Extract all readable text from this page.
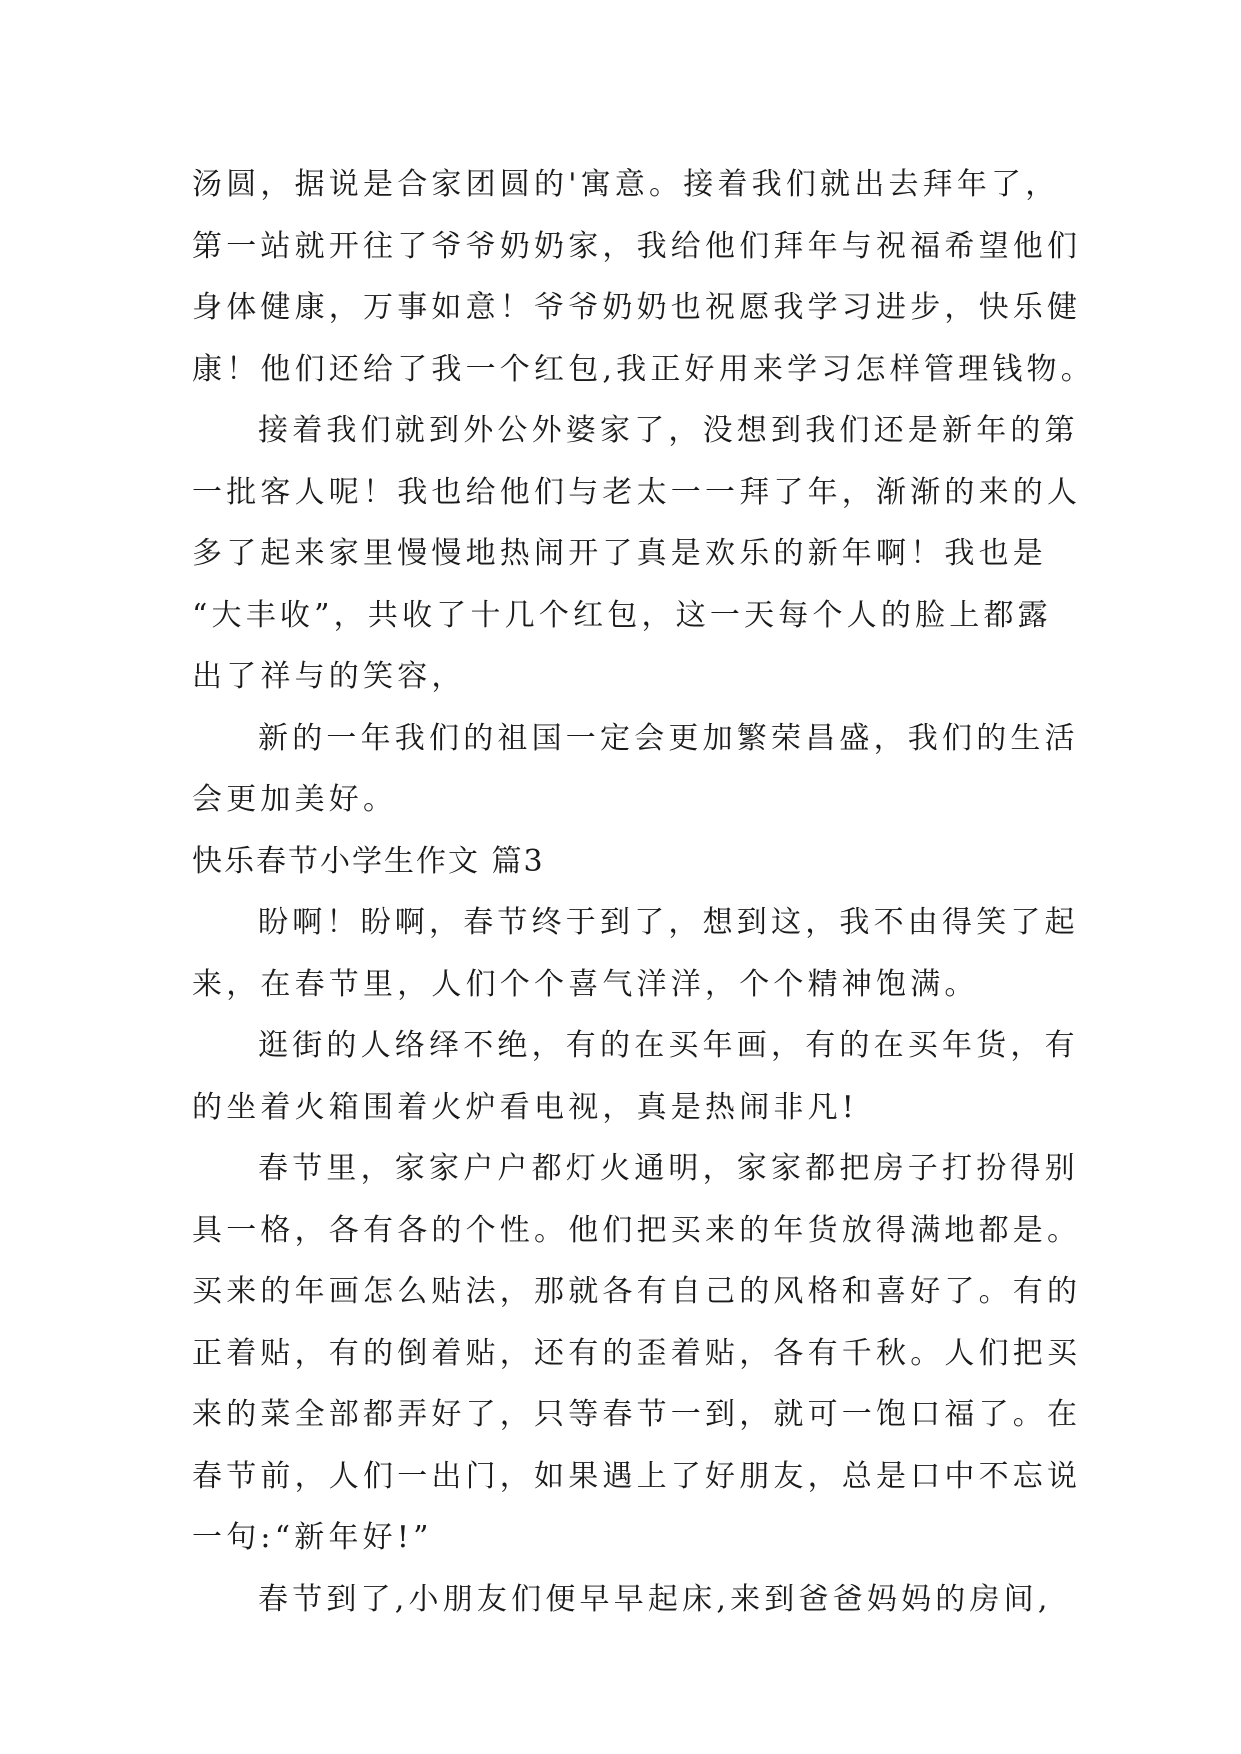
汤圆，据说是合家团圆的'寓意。接着我们就出去拜年了，
第一站就开往了爷爷奶奶家，我给他们拜年与祝福希望他们
身体健康，万事如意！爷爷奶奶也祝愿我学习进步，快乐健
康！他们还给了我一个红包,我正好用来学习怎样管理钱物。
接着我们就到外公外婆家了，没想到我们还是新年的第
一批客人呢！我也给他们与老太一一拜了年，渐渐的来的人
多了起来家里慢慢地热闹开了真是欢乐的新年啊！我也是
“大丰收”，共收了十几个红包，这一天每个人的脸上都露
出了祥与的笑容，
新的一年我们的祖国一定会更加繁荣昌盛，我们的生活
会更加美好。
快乐春节小学生作文 篇3
盼啊！盼啊，春节终于到了，想到这，我不由得笑了起
来，在春节里，人们个个喜气洋洋，个个精神饱满。
逛街的人络绎不绝，有的在买年画，有的在买年货，有
的坐着火箱围着火炉看电视，真是热闹非凡!
春节里，家家户户都灯火通明，家家都把房子打扮得别
具一格，各有各的个性。他们把买来的年货放得满地都是。
买来的年画怎么贴法，那就各有自己的风格和喜好了。有的
正着贴，有的倒着贴，还有的歪着贴，各有千秋。人们把买
来的菜全部都弄好了，只等春节一到，就可一饱口福了。在
春节前，人们一出门，如果遇上了好朋友，总是口中不忘说
一句:“新年好!”
春节到了,小朋友们便早早起床,来到爸爸妈妈的房间,
